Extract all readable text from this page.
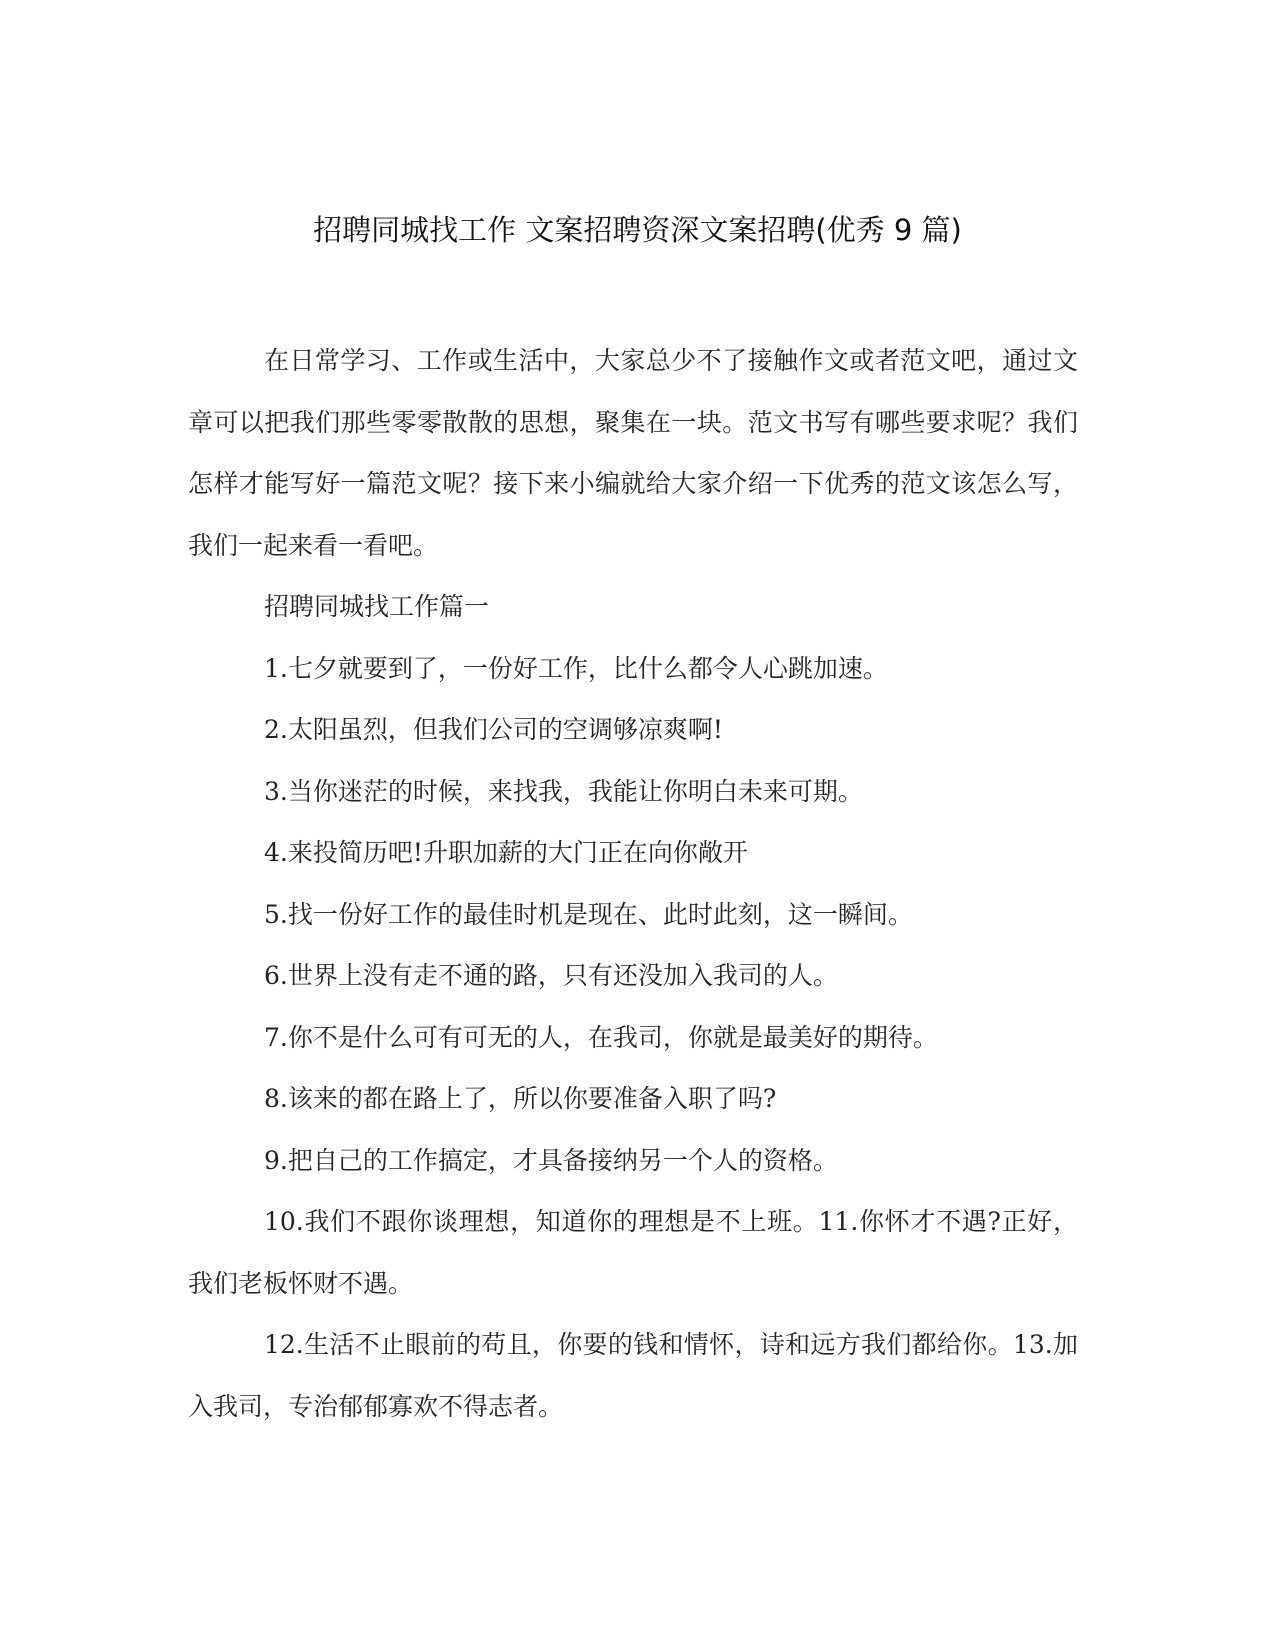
招聘同城找工作 文案招聘资深文案招聘(优秀 9 篇)

在日常学习、工作或生活中，大家总少不了接触作文或者范文吧，通过文章可以把我们那些零零散散的思想，聚集在一块。范文书写有哪些要求呢？我们怎样才能写好一篇范文呢？接下来小编就给大家介绍一下优秀的范文该怎么写，我们一起来看一看吧。

招聘同城找工作篇一

1.七夕就要到了，一份好工作，比什么都令人心跳加速。

2.太阳虽烈，但我们公司的空调够凉爽啊!

3.当你迷茫的时候，来找我，我能让你明白未来可期。

4.来投简历吧!升职加薪的大门正在向你敞开

5.找一份好工作的最佳时机是现在、此时此刻，这一瞬间。

6.世界上没有走不通的路，只有还没加入我司的人。

7.你不是什么可有可无的人，在我司，你就是最美好的期待。

8.该来的都在路上了，所以你要准备入职了吗?

9.把自己的工作搞定，才具备接纳另一个人的资格。

10.我们不跟你谈理想，知道你的理想是不上班。11.你怀才不遇?正好，我们老板怀财不遇。

12.生活不止眼前的苟且，你要的钱和情怀，诗和远方我们都给你。13.加入我司，专治郁郁寡欢不得志者。
